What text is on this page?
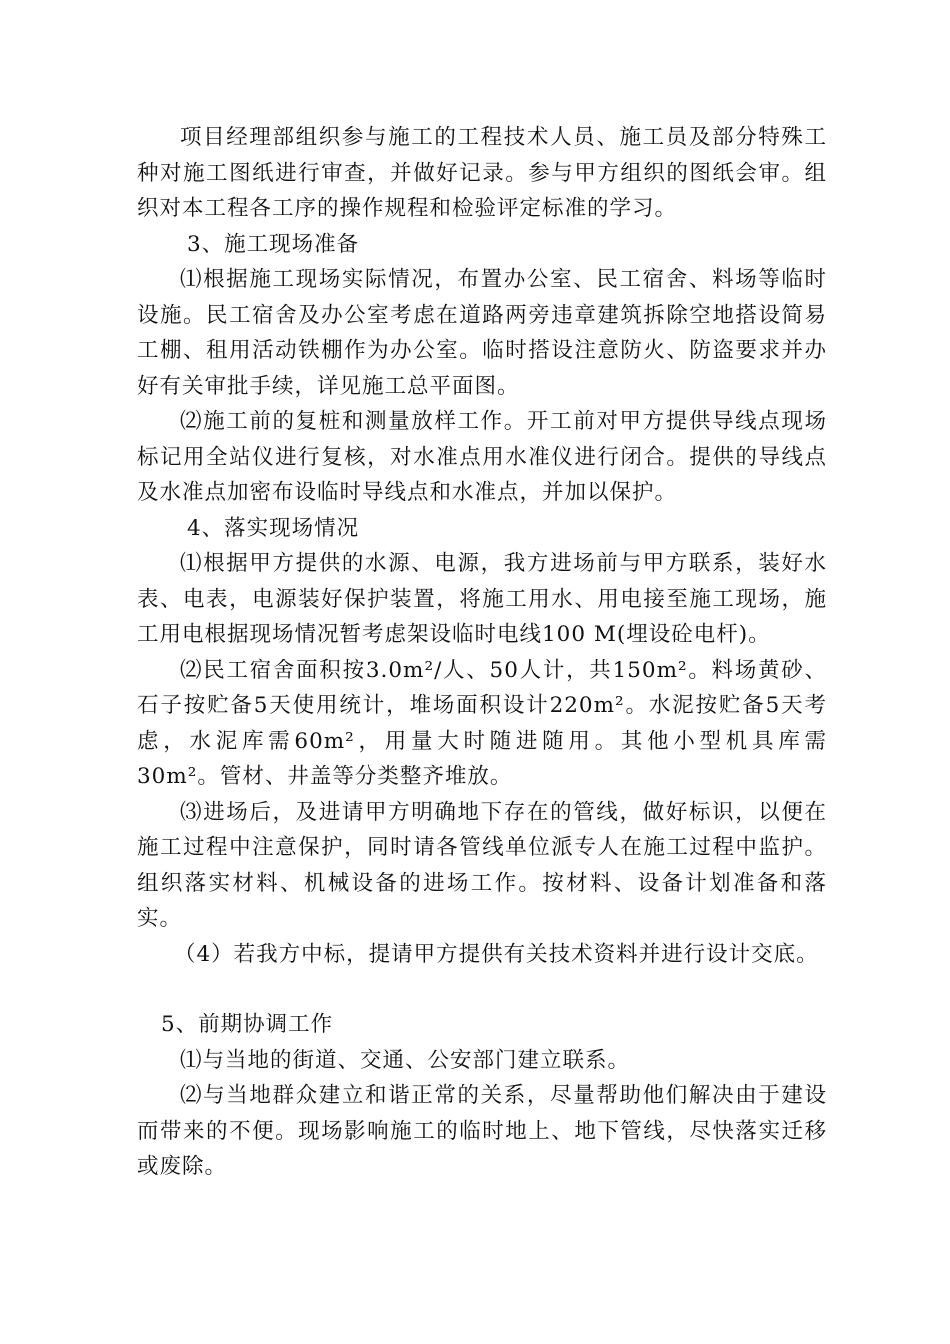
项目经理部组织参与施工的工程技术人员、施工员及部分特殊工种对施工图纸进行审查，并做好记录。参与甲方组织的图纸会审。组织对本工程各工序的操作规程和检验评定标准的学习。

3、施工现场准备

⑴根据施工现场实际情况，布置办公室、民工宿舍、料场等临时设施。民工宿舍及办公室考虑在道路两旁违章建筑拆除空地搭设简易工棚、租用活动铁棚作为办公室。临时搭设注意防火、防盗要求并办好有关审批手续，详见施工总平面图。

⑵施工前的复桩和测量放样工作。开工前对甲方提供导线点现场标记用全站仪进行复核，对水准点用水准仪进行闭合。提供的导线点及水准点加密布设临时导线点和水准点，并加以保护。

4、落实现场情况

⑴根据甲方提供的水源、电源，我方进场前与甲方联系，装好水表、电表，电源装好保护装置，将施工用水、用电接至施工现场，施工用电根据现场情况暂考虑架设临时电线100 M(埋设砼电杆)。

⑵民工宿舍面积按3.0m²/人、50人计，共150m²。料场黄砂、石子按贮备5天使用统计，堆场面积设计220m²。水泥按贮备5天考虑，水泥库需60m²，用量大时随进随用。其他小型机具库需 30m²。管材、井盖等分类整齐堆放。

⑶进场后，及进请甲方明确地下存在的管线，做好标识，以便在施工过程中注意保护，同时请各管线单位派专人在施工过程中监护。组织落实材料、机械设备的进场工作。按材料、设备计划准备和落实。

（4）若我方中标，提请甲方提供有关技术资料并进行设计交底。

5、前期协调工作

⑴与当地的街道、交通、公安部门建立联系。

⑵与当地群众建立和谐正常的关系，尽量帮助他们解决由于建设而带来的不便。现场影响施工的临时地上、地下管线，尽快落实迁移或废除。
